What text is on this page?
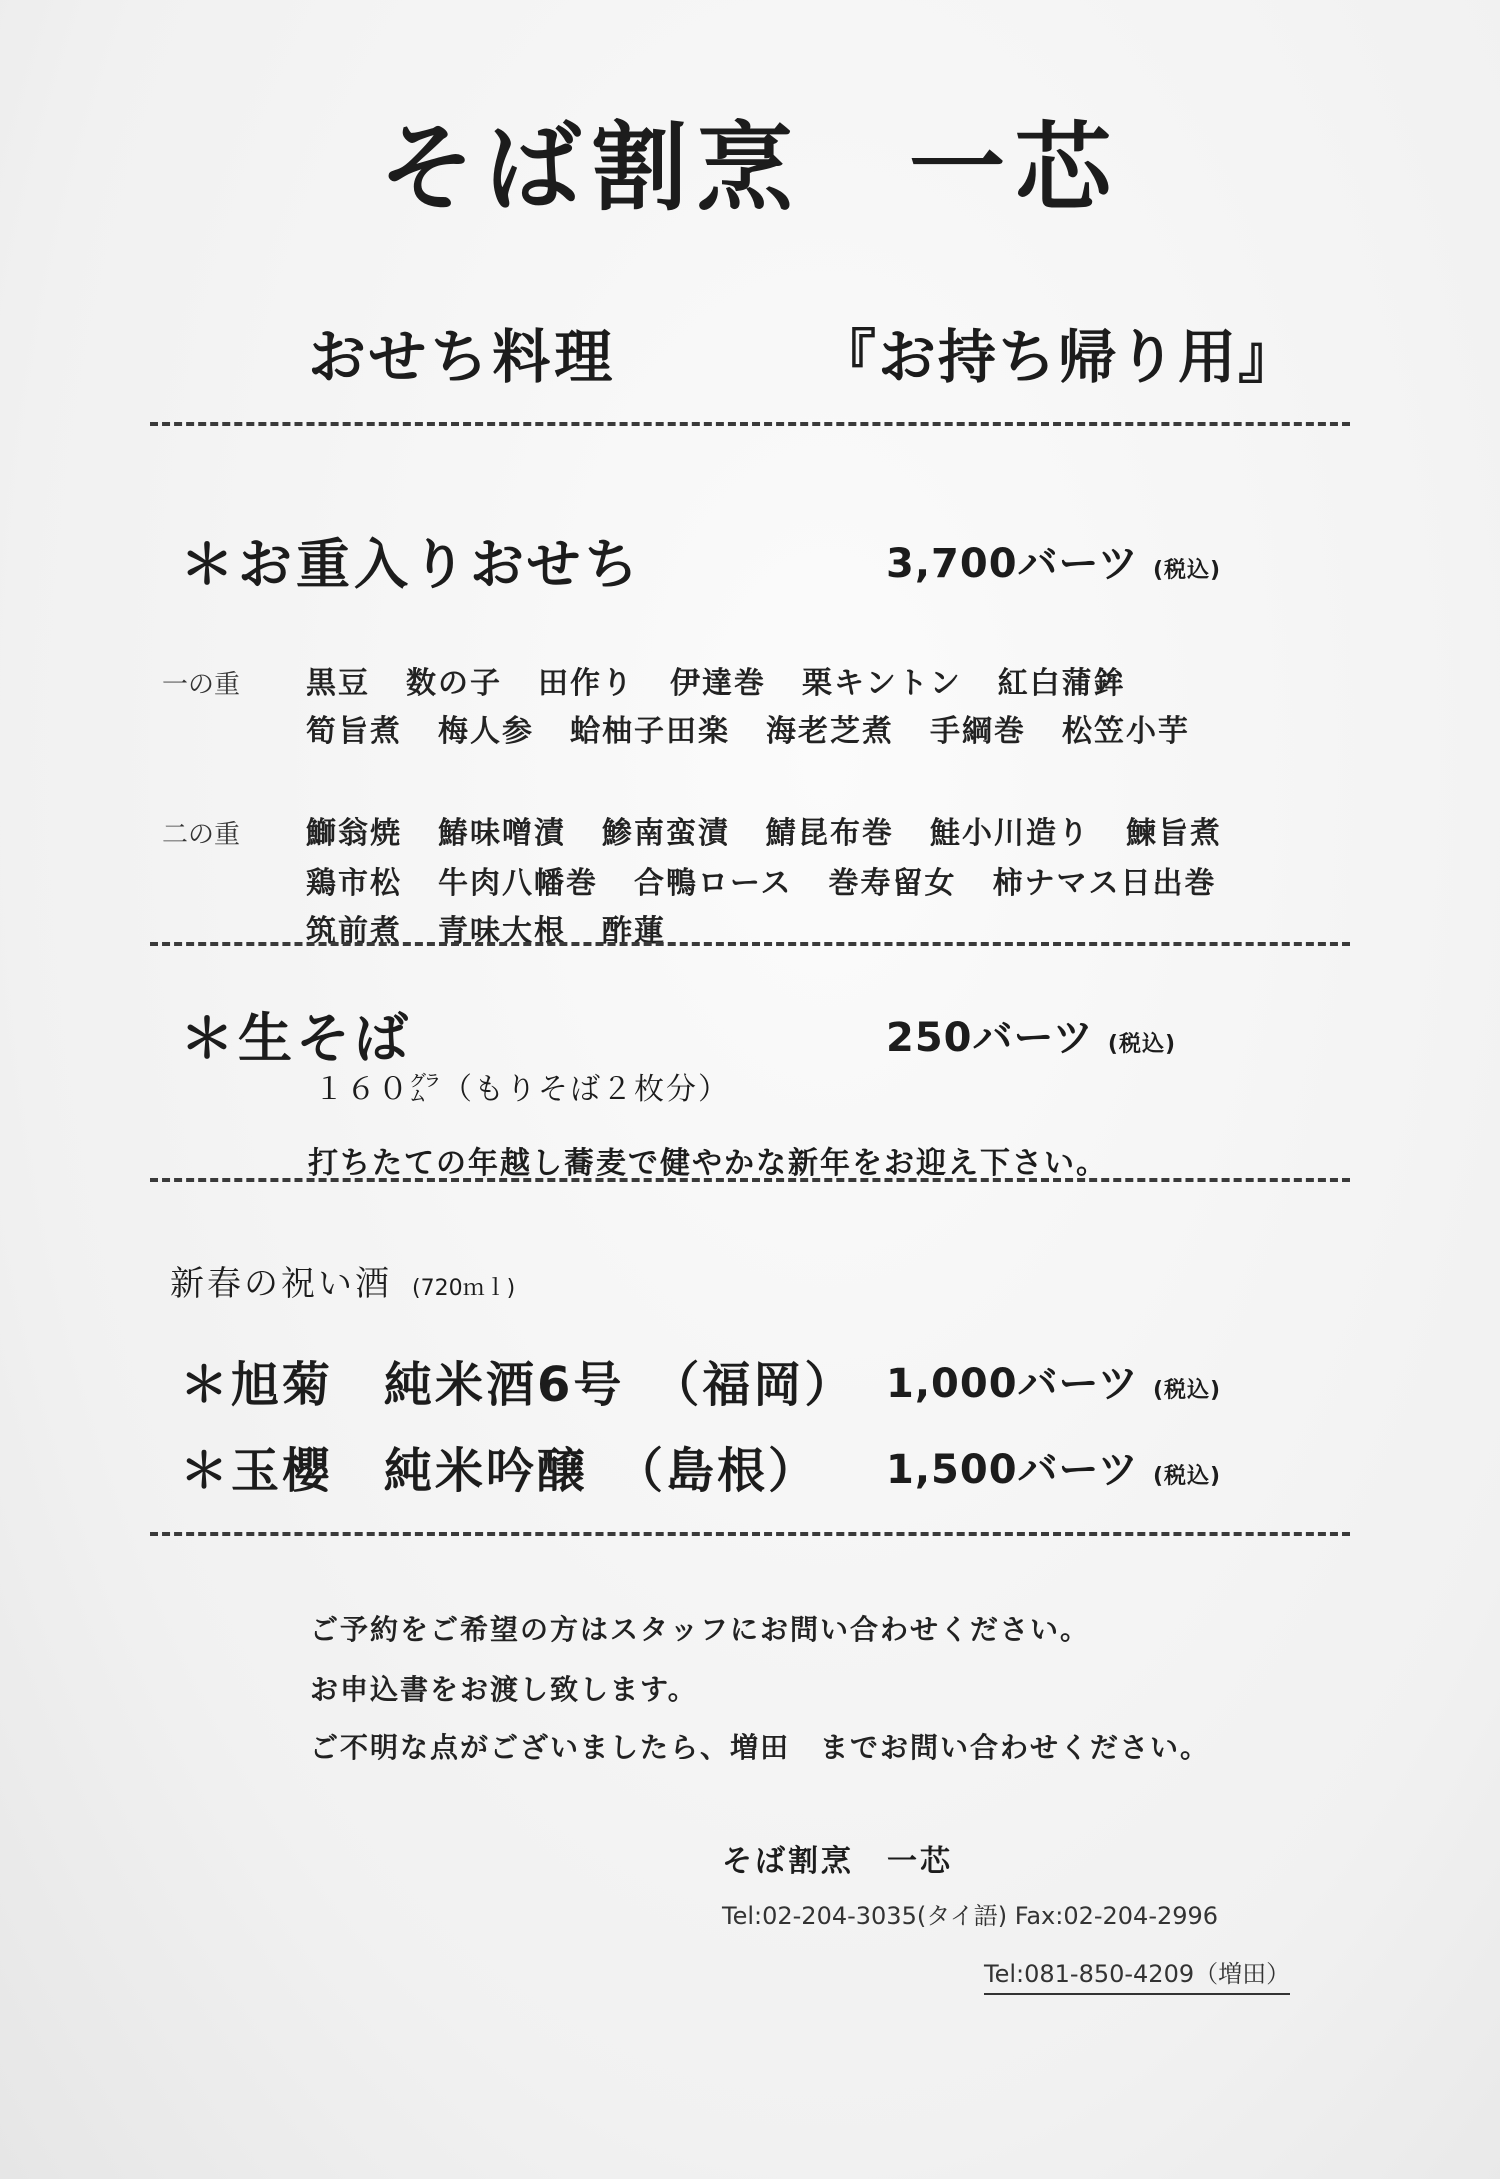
そば割烹　一芯
おせち料理	『お持ち帰り用』
＊お重入りおせち	3,700バーツ (税込)
一の重 黒豆 数の子 田作り 伊達巻 栗キントン 紅白蒲鉾
筍旨煮 梅人参 蛤柚子田楽 海老芝煮 手綱巻 松笠小芋
二の重 鰤翁焼 鰆味噌漬 鯵南蛮漬 鯖昆布巻 鮭小川造り 鰊旨煮
鶏市松 牛肉八幡巻 合鴨ロース 巻寿留女 柿ナマス日出巻
筑前煮 青味大根 酢蓮
＊生そば	250バーツ (税込)
１６０㌘（もりそば２枚分）
打ちたての年越し蕎麦で健やかな新年をお迎え下さい。
新春の祝い酒 (720ｍｌ)
＊旭菊　純米酒6号　（福岡） 1,000バーツ (税込)
＊玉櫻　純米吟醸　（島根） 1,500バーツ (税込)
ご予約をご希望の方はスタッフにお問い合わせください。
お申込書をお渡し致します。
ご不明な点がございましたら、増田　までお問い合わせください。
そば割烹　一芯
Tel:02-204-3035(タイ語) Fax:02-204-2996
Tel:081-850-4209（増田）
